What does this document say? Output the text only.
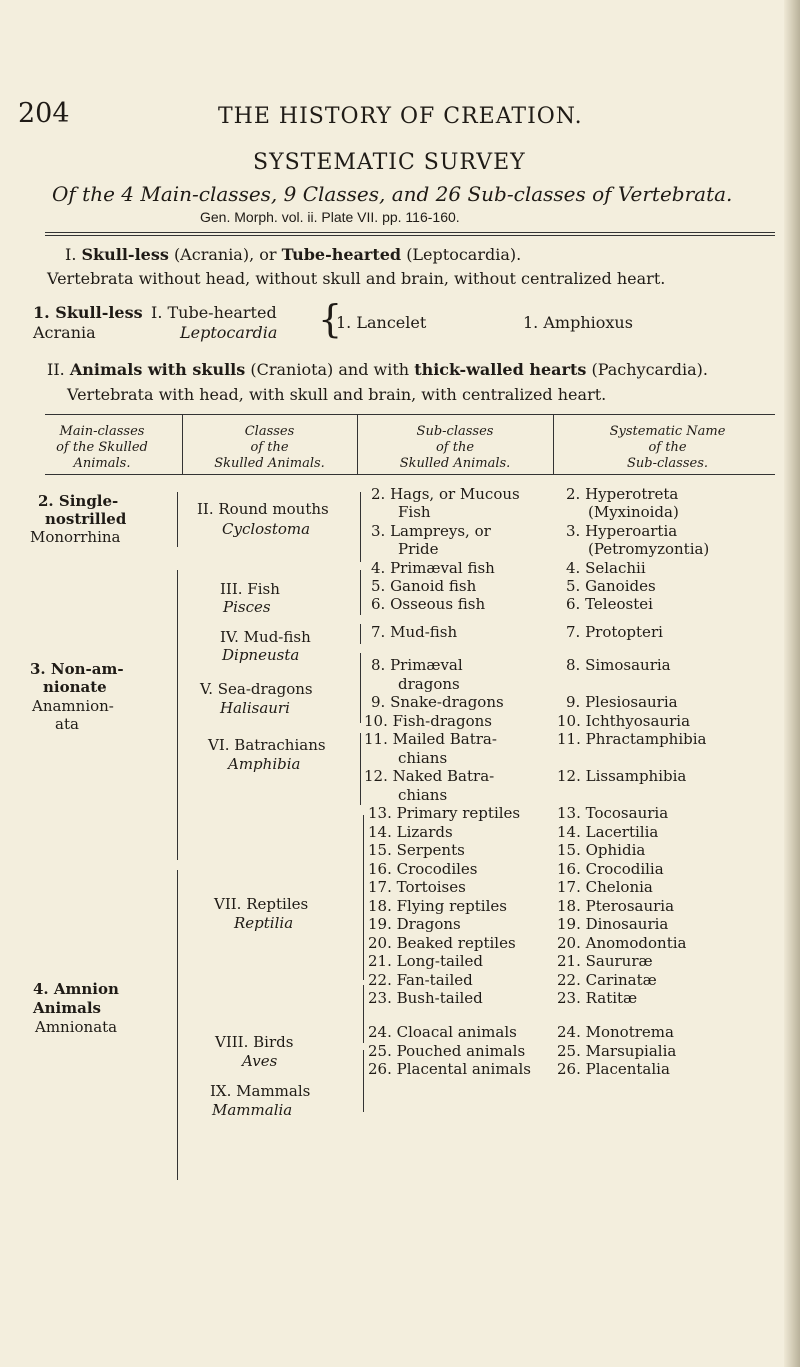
204	THE HISTORY OF CREATION.
SYSTEMATIC SURVEY
Of the 4 Main-classes, 9 Classes, and 26 Sub-classes of Vertebrata.
Gen. Morph. vol. ii. Plate VII. pp. 116-160.
I. Skull-less (Acrania), or Tube-hearted (Leptocardia).
Vertebrata without head, without skull and brain, without centralized heart.
1. Skull-less
Acrania
I. Tube-hearted
Leptocardia {
1. Lancelet	1. Amphioxus
II. Animals with skulls (Craniota) and with thick-walled hearts (Pachycardia).
Vertebrata with head, with skull and brain, with centralized heart.
Main-classes
of the Skulled
Animals.
Classes
of the
Skulled Animals.
Sub-classes
of the
Skulled Animals.
Systematic Name
of the
Sub-classes.
2. Single-
nostrilled
Monorrhina
3. Non-am-
nionate
Anamnion-
ata
4. Amnion
Animals
Amnionata
II. Round mouths
Cyclostoma
III. Fish
Pisces
IV. Mud-fish
Dipneusta
V. Sea-dragons
Halisauri
VI. Batrachians
Amphibia
VII. Reptiles
Reptilia
VIII. Birds
Aves
IX. Mammals
Mammalia
2. Hags, or Mucous
Fish
3. Lampreys, or
Pride
4. Primæval fish
5. Ganoid fish
6. Osseous fish
7. Mud-fish
8. Primæval
dragons
9. Snake-dragons
10. Fish-dragons
11. Mailed Batra-
chians
12. Naked Batra-
chians
13. Primary reptiles
14. Lizards
15. Serpents
16. Crocodiles
17. Tortoises
18. Flying reptiles
19. Dragons
20. Beaked reptiles
21. Long-tailed
22. Fan-tailed
23. Bush-tailed
24. Cloacal animals
25. Pouched animals
26. Placental animals
2. Hyperotreta
(Myxinoida)
3. Hyperoartia
(Petromyzontia)
4. Selachii
5. Ganoides
6. Teleostei
7. Protopteri
8. Simosauria
9. Plesiosauria
10. Ichthyosauria
11. Phractamphibia
12. Lissamphibia
13. Tocosauria
14. Lacertilia
15. Ophidia
16. Crocodilia
17. Chelonia
18. Pterosauria
19. Dinosauria
20. Anomodontia
21. Saururæ
22. Carinatæ
23. Ratitæ
24. Monotrema
25. Marsupialia
26. Placentalia
